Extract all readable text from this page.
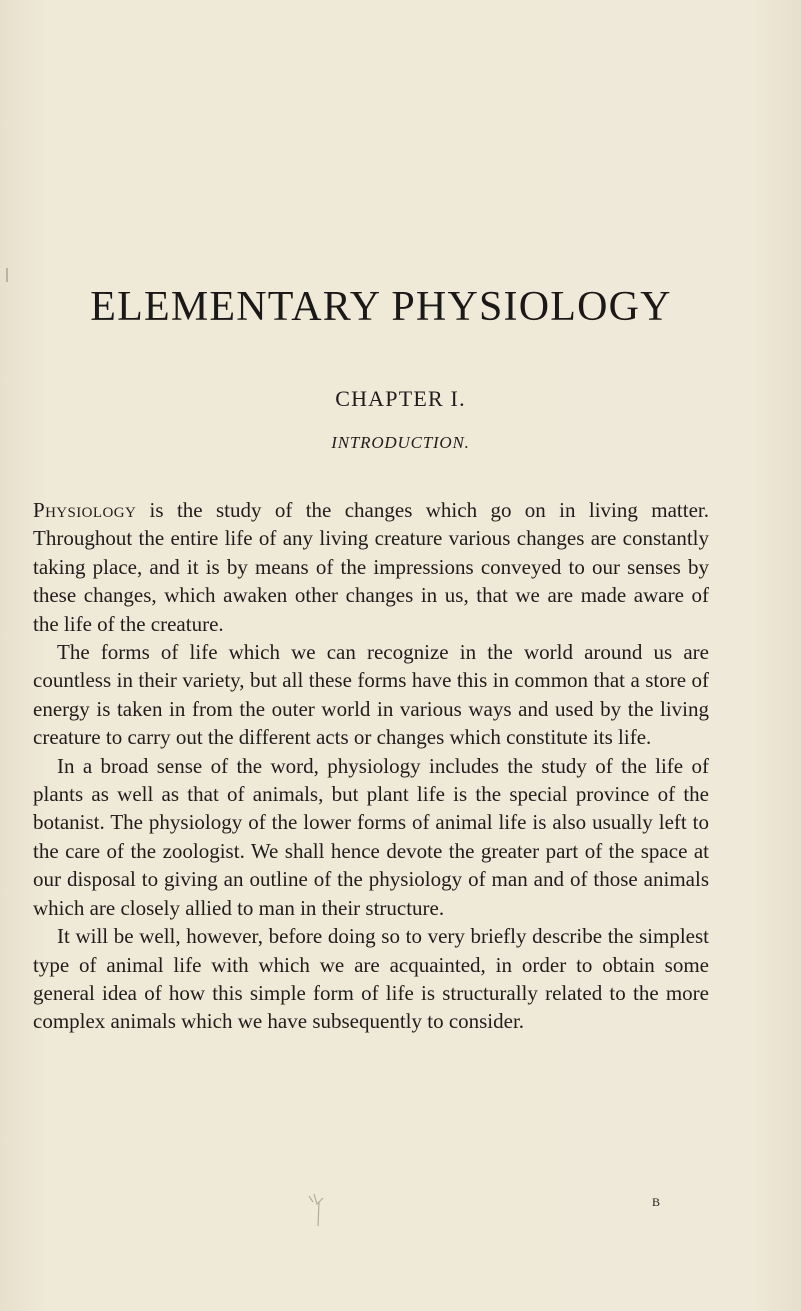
ELEMENTARY PHYSIOLOGY
CHAPTER I.
INTRODUCTION.

Physiology is the study of the changes which go on in living matter. Throughout the entire life of any living creature various changes are constantly taking place, and it is by means of the impressions conveyed to our senses by these changes, which awaken other changes in us, that we are made aware of the life of the creature.

The forms of life which we can recognize in the world around us are countless in their variety, but all these forms have this in common that a store of energy is taken in from the outer world in various ways and used by the living creature to carry out the different acts or changes which constitute its life.

In a broad sense of the word, physiology includes the study of the life of plants as well as that of animals, but plant life is the special province of the botanist. The physiology of the lower forms of animal life is also usually left to the care of the zoologist. We shall hence devote the greater part of the space at our disposal to giving an outline of the physiology of man and of those animals which are closely allied to man in their structure.

It will be well, however, before doing so to very briefly describe the simplest type of animal life with which we are acquainted, in order to obtain some general idea of how this simple form of life is structurally related to the more complex animals which we have subsequently to consider.

B
